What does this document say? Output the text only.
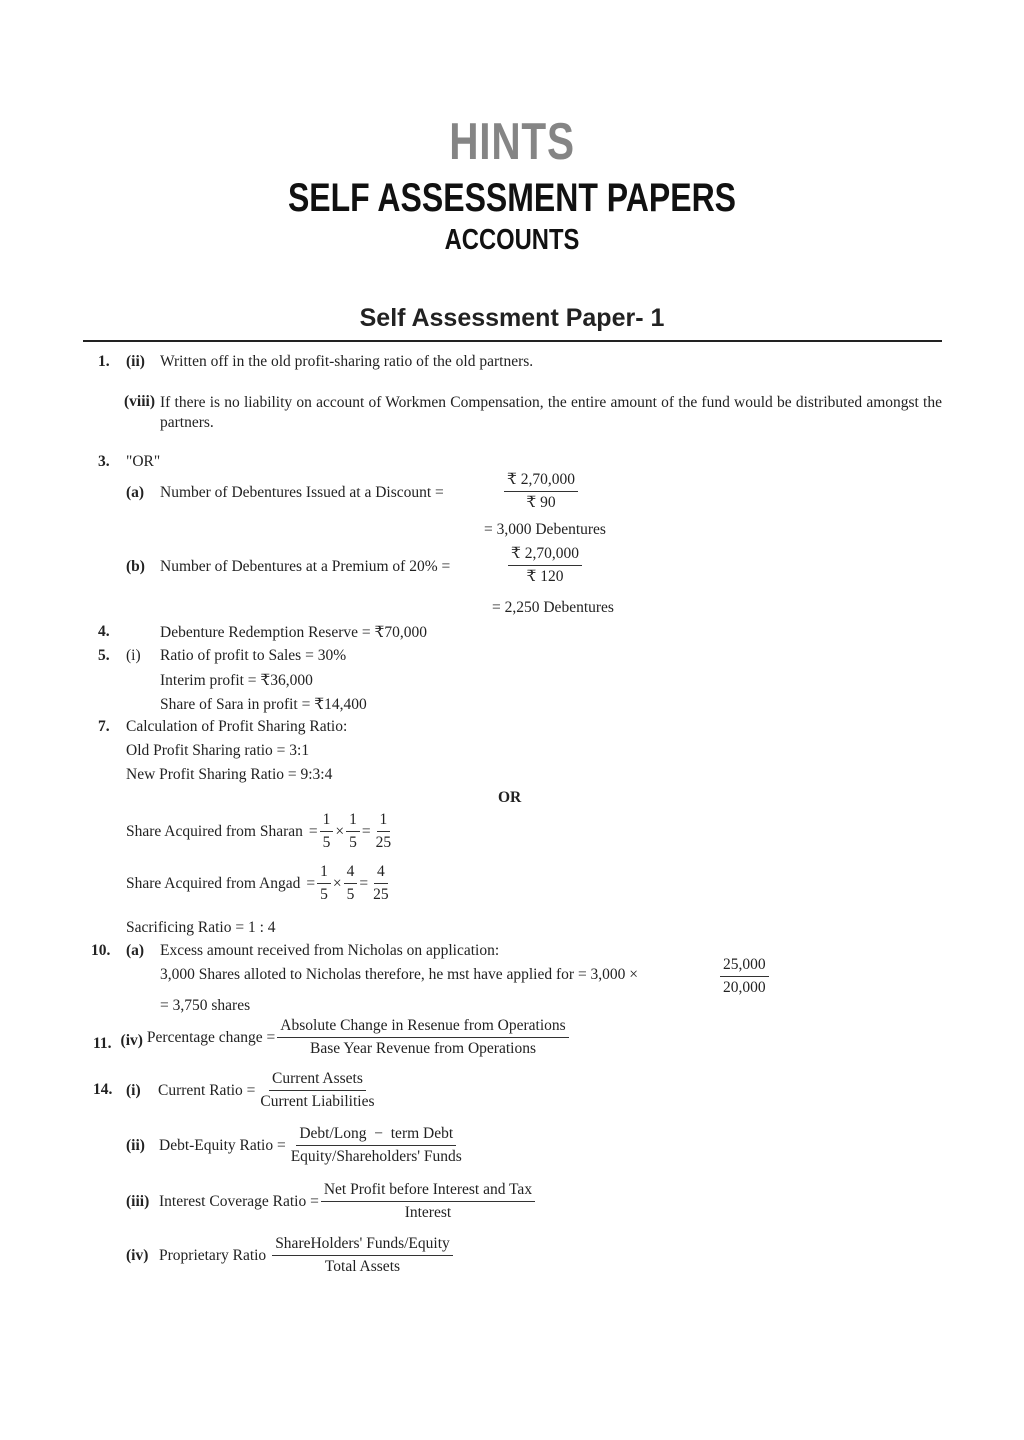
HINTS
SELF ASSESSMENT PAPERS
ACCOUNTS
Self Assessment Paper- 1
1. (ii) Written off in the old profit-sharing ratio of the old partners.
(viii) If there is no liability on account of Workmen Compensation, the entire amount of the fund would be distributed amongst the partners.
3. "OR"
(a) Number of Debentures Issued at a Discount =	$\frac{₹ 2,70,000}{₹ 90}$
= 3,000 Debentures
(b) Number of Debentures at a Premium of 20% =	$\frac{₹ 2,70,000}{₹ 120}$
= 2,250 Debentures
4.	Debenture Redemption Reserve = ₹70,000
5. (i) Ratio of profit to Sales = 30%
Interim profit = ₹36,000
Share of Sara in profit = ₹14,400
7. Calculation of Profit Sharing Ratio:
Old Profit Sharing ratio = 3:1
New Profit Sharing Ratio = 9:3:4
OR
Share Acquired from Sharan = $\frac{1}{5} \times \frac{1}{5} = \frac{1}{25}$
Share Acquired from Angad = $\frac{1}{5} \times \frac{4}{5} = \frac{4}{25}$
Sacrificing Ratio = 1 : 4
10. (a) Excess amount received from Nicholas on application:
3,000 Shares alloted to Nicholas therefore, he mst have applied for = 3,000 ×	$\frac{25,000}{20,000}$
= 3,750 shares
11. (iv) Percentage change = $\frac{\text{Absolute Change in Resenue from Operations}}{\text{Base Year Revenue from Operations}}$
14. (i)	Current Ratio = $\frac{\text{Current Assets}}{\text{Current Liabilities}}$
(ii) Debt-Equity Ratio = $\frac{\text{Debt/Long  −  term Debt}}{\text{Equity/Shareholders' Funds}}$
(iii) Interest Coverage Ratio = $\frac{\text{Net Profit before Interest and Tax}}{\text{Interest}}$
(iv) Proprietary Ratio $\frac{\text{ShareHolders' Funds/Equity}}{\text{Total Assets}}$
